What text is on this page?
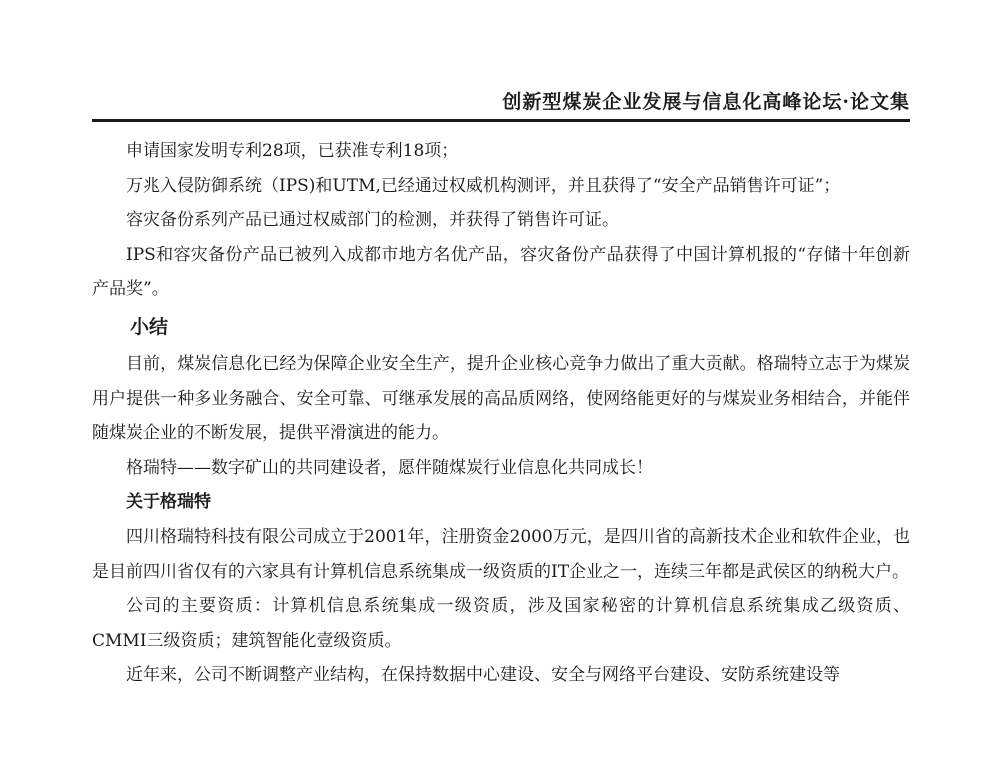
创新型煤炭企业发展与信息化高峰论坛·论文集

申请国家发明专利28项，已获准专利18项；

万兆入侵防御系统（IPS)和UTM,已经通过权威机构测评，并且获得了“安全产品销售许可证”；

容灾备份系列产品已通过权威部门的检测，并获得了销售许可证。

IPS和容灾备份产品已被列入成都市地方名优产品，容灾备份产品获得了中国计算机报的“存储十年创新产品奖”。

小结

目前，煤炭信息化已经为保障企业安全生产，提升企业核心竞争力做出了重大贡献。格瑞特立志于为煤炭用户提供一种多业务融合、安全可靠、可继承发展的高品质网络，使网络能更好的与煤炭业务相结合，并能伴随煤炭企业的不断发展，提供平滑演进的能力。

格瑞特——数字矿山的共同建设者，愿伴随煤炭行业信息化共同成长！

关于格瑞特

四川格瑞特科技有限公司成立于2001年，注册资金2000万元，是四川省的高新技术企业和软件企业，也是目前四川省仅有的六家具有计算机信息系统集成一级资质的IT企业之一，连续三年都是武侯区的纳税大户。

公司的主要资质：计算机信息系统集成一级资质，涉及国家秘密的计算机信息系统集成乙级资质、CMMI三级资质；建筑智能化壹级资质。

近年来，公司不断调整产业结构，在保持数据中心建设、安全与网络平台建设、安防系统建设等
